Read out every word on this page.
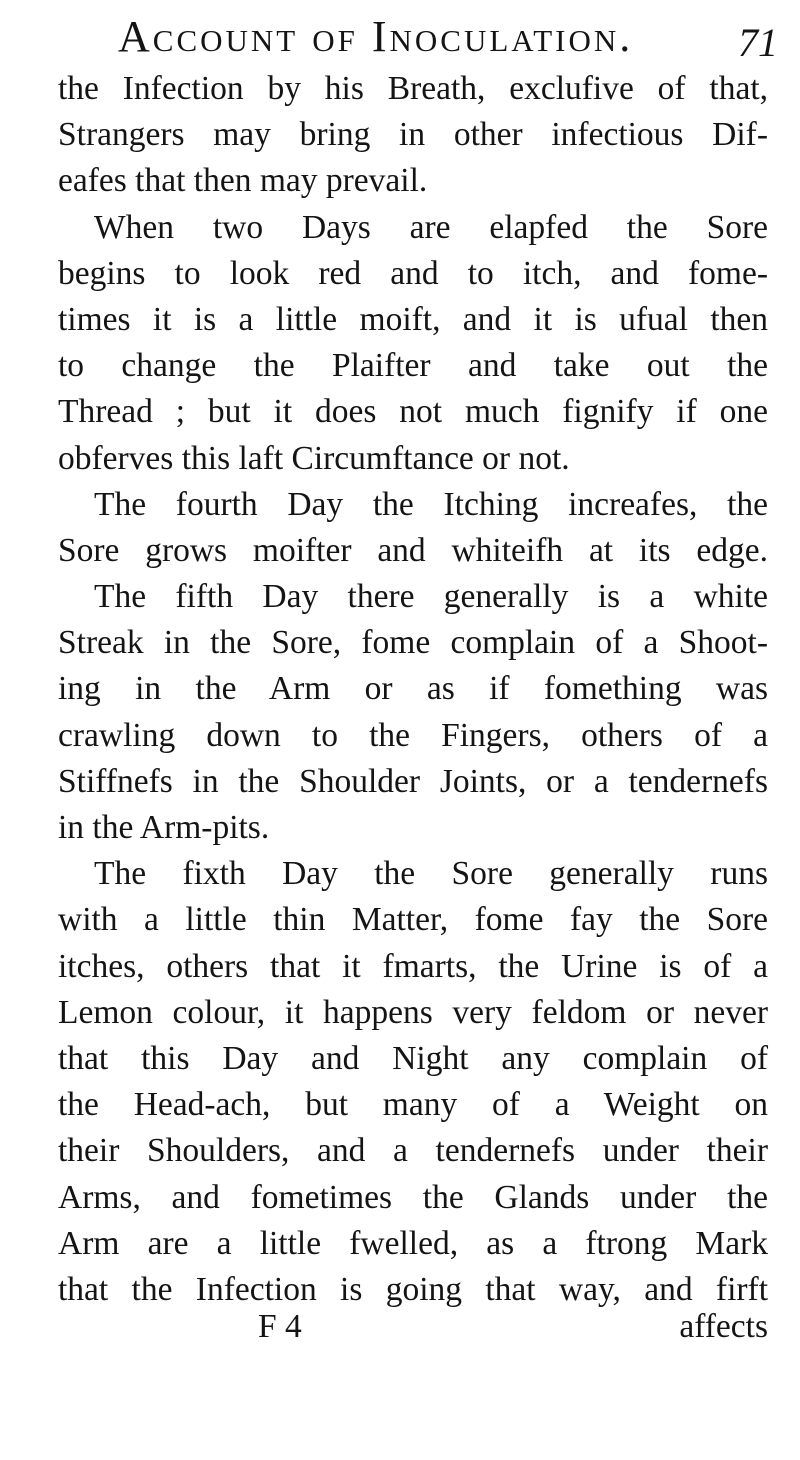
Account of Inoculation.	71
the Infection by his Breath, exclufive of that,
Strangers may bring in other infectious Dif-
eafes that then may prevail.
When two Days are elapfed the Sore
begins to look red and to itch, and fome-
times it is a little moift, and it is ufual then
to change the Plaifter and take out the
Thread ; but it does not much fignify if one
obferves this laft Circumftance or not.
The fourth Day the Itching increafes, the
Sore grows moifter and whiteifh at its edge.
The fifth Day there generally is a white
Streak in the Sore, fome complain of a Shoot-
ing in the Arm or as if fomething was
crawling down to the Fingers, others of a
Stiffnefs in the Shoulder Joints, or a tendernefs
in the Arm-pits.
The fixth Day the Sore generally runs
with a little thin Matter, fome fay the Sore
itches, others that it fmarts, the Urine is of a
Lemon colour, it happens very feldom or never
that this Day and Night any complain of
the Head-ach, but many of a Weight on
their Shoulders, and a tendernefs under their
Arms, and fometimes the Glands under the
Arm are a little fwelled, as a ftrong Mark
that the Infection is going that way, and firft
F 4	affects
